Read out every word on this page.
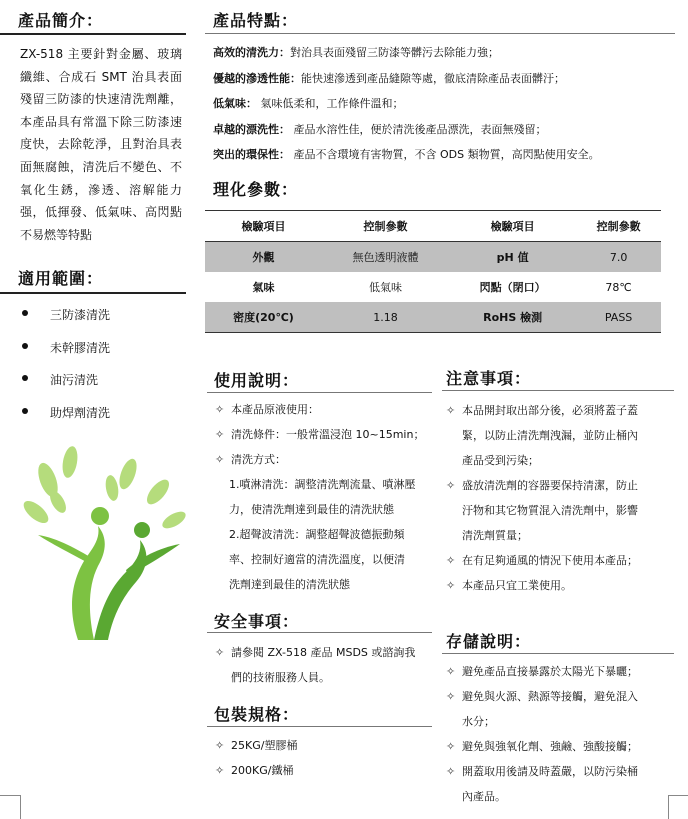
產品簡介：
ZX-518 主要針對金屬、玻璃纖維、合成石 SMT 治具表面殘留三防漆的快速清洗劑離，本產品具有常溫下除三防漆速度快，去除乾淨，且對治具表面無腐蝕，清洗后不變色、不氧化生銹，滲透、溶解能力强，低揮發、低氣味、高閃點不易燃等特點
適用範圍：
三防漆清洗
未幹膠清洗
油污清洗
助焊劑清洗
產品特點：
高效的清洗力：對治具表面殘留三防漆等髒污去除能力強；
優越的滲透性能：能快速滲透到產品縫隙等處，徹底清除產品表面髒汙；
低氣味： 氣味低柔和，工作條件溫和；
卓越的漂洗性： 產品水溶性佳，便於清洗後產品漂洗，表面無殘留；
突出的環保性： 產品不含環境有害物質，不含 ODS 類物質，高閃點使用安全。
理化參數：
檢驗項目	控制參數	檢驗項目	控制參數
外觀	無色透明液體	pH 值	7.0
氣味	低氣味	閃點（閉口）	78℃
密度(20℃)	1.18	RoHS 檢測	PASS
使用說明：
✧ 本產品原液使用：
✧ 清洗條件：一般常溫浸泡 10~15min；
✧ 清洗方式：
1.噴淋清洗：調整清洗劑流量、噴淋壓
力，使清洗劑達到最佳的清洗狀態
2.超聲波清洗：調整超聲波德振動頻
率、控制好適當的清洗溫度，以便清
洗劑達到最佳的清洗狀態
安全事項：
✧ 請參閱 ZX-518 產品 MSDS 或諮詢我
們的技術服務人員。
包裝規格：
✧ 25KG/塑膠桶
✧ 200KG/鐵桶
注意事項：
✧ 本品開封取出部分後，必須將蓋子蓋
緊，以防止清洗劑洩漏，並防止桶內
產品受到污染；
✧ 盛放清洗劑的容器要保持清潔，防止
汙物和其它物質混入清洗劑中，影響
清洗劑質量；
✧ 在有足夠通風的情況下使用本產品；
✧ 本產品只宜工業使用。
存儲說明：
✧ 避免產品直接暴露於太陽光下暴曬；
✧ 避免與火源、熱源等接觸，避免混入
水分；
✧ 避免與強氧化劑、強鹼、強酸接觸；
✧ 開蓋取用後請及時蓋嚴，以防污染桶
內產品。
